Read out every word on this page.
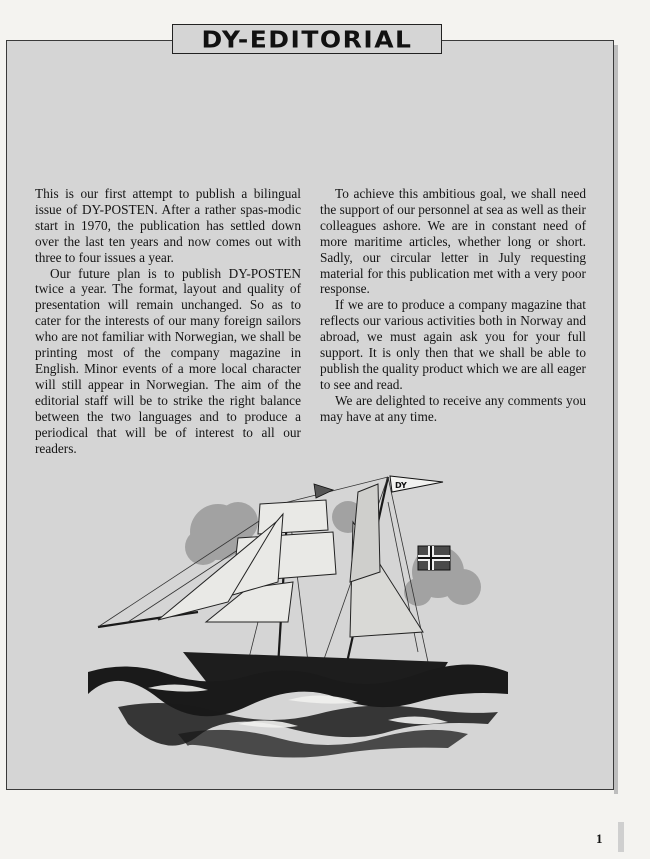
DY-EDITORIAL

This is our first attempt to publish a bilingual issue of DY-POSTEN. After a rather spas-modic start in 1970, the publication has settled down over the last ten years and now comes out with three to four issues a year.

Our future plan is to publish DY-POSTEN twice a year. The format, layout and quality of presentation will remain unchanged. So as to cater for the interests of our many foreign sailors who are not familiar with Norwegian, we shall be printing most of the company magazine in English. Minor events of a more local character will still appear in Norwegian. The aim of the editorial staff will be to strike the right balance between the two languages and to produce a periodical that will be of interest to all our readers.

To achieve this ambitious goal, we shall need the support of our personnel at sea as well as their colleagues ashore. We are in constant need of more maritime articles, whether long or short. Sadly, our circular letter in July requesting material for this publication met with a very poor response.

If we are to produce a company magazine that reflects our various activities both in Norway and abroad, we must again ask you for your full support. It is only then that we shall be able to publish the quality product which we are all eager to see and read.

We are delighted to receive any comments you may have at any time.

DY
1
